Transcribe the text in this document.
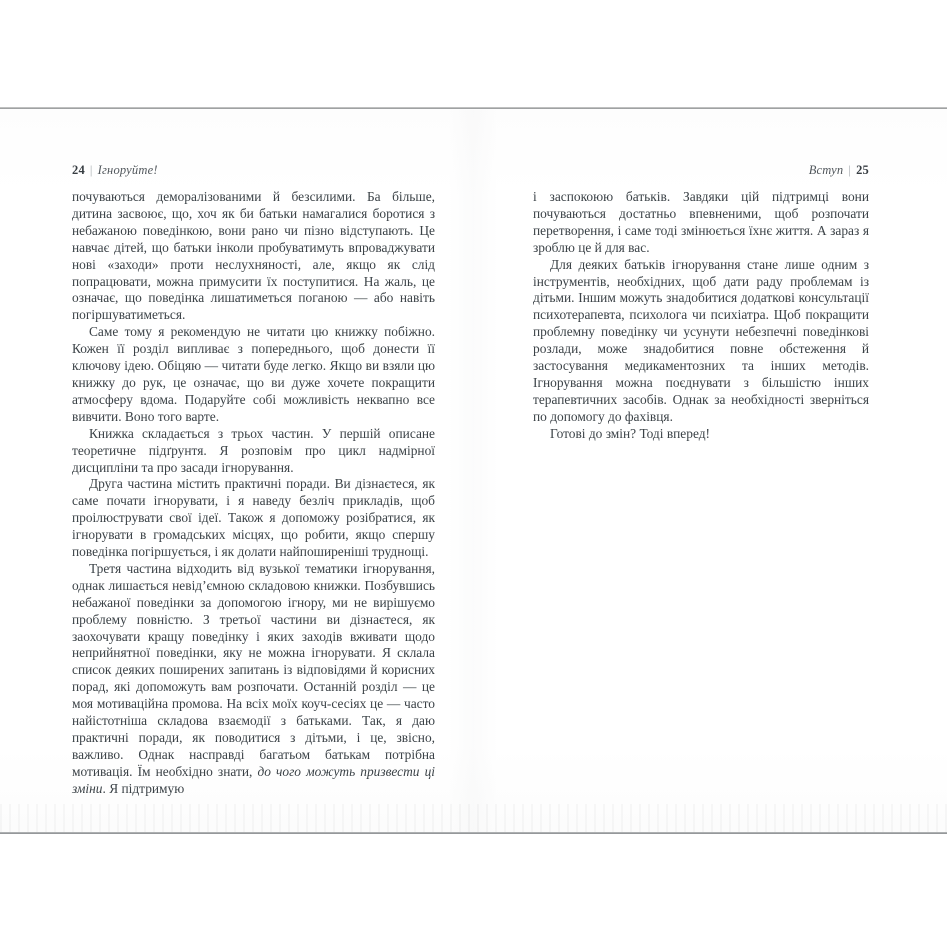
24 | Ігноруйте!	Вступ | 25

почуваються деморалізованими й безсилими. Ба більше, дитина засвоює, що, хоч як би батьки намагалися боротися з небажаною поведінкою, вони рано чи пізно відступають. Це навчає дітей, що батьки інколи пробуватимуть впроваджувати нові «заходи» проти неслухняності, але, якщо як слід попрацювати, можна примусити їх поступитися. На жаль, це означає, що поведінка лишатиметься поганою — або навіть погіршуватиметься.

Саме тому я рекомендую не читати цю книжку побіжно. Кожен її розділ випливає з попереднього, щоб донести її ключову ідею. Обіцяю — читати буде легко. Якщо ви взяли цю книжку до рук, це означає, що ви дуже хочете покращити атмосферу вдома. Подаруйте собі можливість неквапно все вивчити. Воно того варте.

Книжка складається з трьох частин. У першій описане теоретичне підґрунтя. Я розповім про цикл надмірної дисципліни та про засади ігнорування.

Друга частина містить практичні поради. Ви дізнаєтеся, як саме почати ігнорувати, і я наведу безліч прикладів, щоб проілюструвати свої ідеї. Також я допоможу розібратися, як ігнорувати в громадських місцях, що робити, якщо спершу поведінка погіршується, і як долати найпоширеніші труднощі.

Третя частина відходить від вузької тематики ігнорування, однак лишається невід’ємною складовою книжки. Позбувшись небажаної поведінки за допомогою ігнору, ми не вирішуємо проблему повністю. З третьої частини ви дізнаєтеся, як заохочувати кращу поведінку і яких заходів вживати щодо неприйнятної поведінки, яку не можна ігнорувати. Я склала список деяких поширених запитань із відповідями й корисних порад, які допоможуть вам розпочати. Останній розділ — це моя мотиваційна промова. На всіх моїх коуч-сесіях це — часто найістотніша складова взаємодії з батьками. Так, я даю практичні поради, як поводитися з дітьми, і це, звісно, важливо. Однак насправді багатьом батькам потрібна мотивація. Їм необхідно знати, до чого можуть призвести ці зміни. Я підтримую

і заспокоюю батьків. Завдяки цій підтримці вони почуваються достатньо впевненими, щоб розпочати перетворення, і саме тоді змінюється їхнє життя. А зараз я зроблю це й для вас.

Для деяких батьків ігнорування стане лише одним з інструментів, необхідних, щоб дати раду проблемам із дітьми. Іншим можуть знадобитися додаткові консультації психотерапевта, психолога чи психіатра. Щоб покращити проблемну поведінку чи усунути небезпечні поведінкові розлади, може знадобитися повне обстеження й застосування медикаментозних та інших методів. Ігнорування можна поєднувати з більшістю інших терапевтичних засобів. Однак за необхідності зверніться по допомогу до фахівця.

Готові до змін? Тоді вперед!
